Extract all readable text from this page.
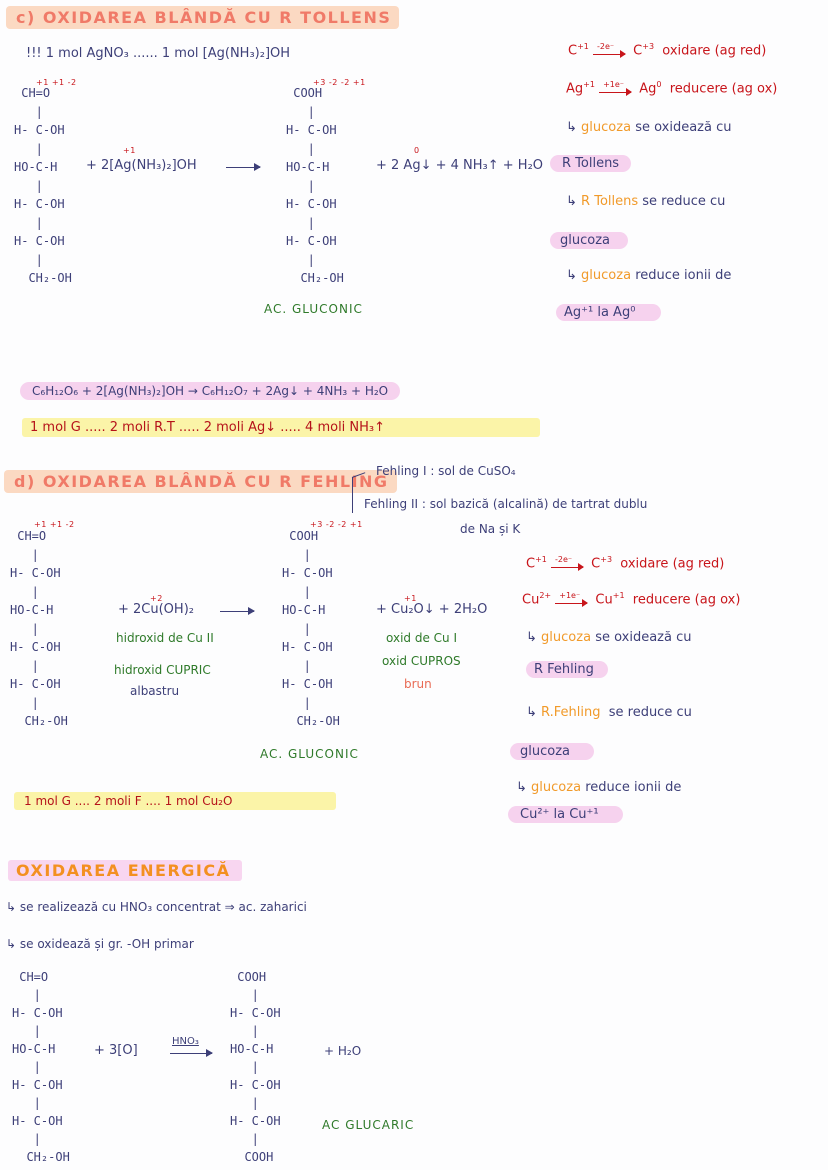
c) OXIDAREA BLÂNDĂ CU R TOLLENS
!!! 1 mol AgNO₃ ...... 1 mol [Ag(NH₃)₂]OH
+1 +1 -2
CH=O
|
H- C-OH
|
HO-C-H
|
H- C-OH
|
H- C-OH
|
CH₂-OH
+1
+ 2[Ag(NH₃)₂]OH
+3 -2 -2 +1
COOH
|
H- C-OH
|
HO-C-H
|
H- C-OH
|
H- C-OH
|
CH₂-OH
0
+ 2 Ag↓ + 4 NH₃↑ + H₂O
AC. GLUCONIC
$C^{+1}$ -2e⁻ $C^{+3}$ oxidare (ag red)
$Ag^{+1} +1e^-$ Ag$^0$ reducere (ag ox)
↳ glucoza se oxidează cu
R Tollens
↳ R Tollens se reduce cu
glucoza
↳ glucoza reduce ionii de
Ag⁺¹ la Ag⁰
C₆H₁₂O₆ + 2[Ag(NH₃)₂]OH → C₆H₁₂O₇ + 2Ag↓ + 4NH₃ + H₂O
1 mol G ..... 2 moli R.T ..... 2 moli Ag↓ ..... 4 moli NH₃↑
d) OXIDAREA BLÂNDĂ CU R FEHLING
Fehling I : sol de CuSO₄
Fehling II : sol bazică (alcalină) de tartrat dublu
de Na și K
+1 +1 -2
CH=O
|
H- C-OH
|
HO-C-H
|
H- C-OH
|
H- C-OH
|
CH₂-OH
+2
+ 2Cu(OH)₂
hidroxid de Cu II
hidroxid CUPRIC
albastru
+3 -2 -2 +1
COOH
|
H- C-OH
|
HO-C-H
|
H- C-OH
|
H- C-OH
|
CH₂-OH
+1
+ Cu₂O↓ + 2H₂O
oxid de Cu I
oxid CUPROS
brun
AC. GLUCONIC
$C^{+1}$ -2e⁻ $C^{+3}$ oxidare (ag red)
$Cu^{2+} +1e^-$ $Cu^{+1}$ reducere (ag ox)
↳ glucoza se oxidează cu
R Fehling
↳ R.Fehling se reduce cu
glucoza
↳ glucoza reduce ionii de
Cu²⁺ la Cu⁺¹
1 mol G .... 2 moli F .... 1 mol Cu₂O
OXIDAREA ENERGICĂ
↳ se realizează cu HNO₃ concentrat ⇒ ac. zaharici
↳ se oxidează și gr. -OH primar
CH=O
|
H- C-OH
|
HO-C-H
|
H- C-OH
|
H- C-OH
|
CH₂-OH
+ 3[O]
HNO₃
COOH
|
H- C-OH
|
HO-C-H
|
H- C-OH
|
H- C-OH
|
COOH
+ H₂O
AC GLUCARIC
